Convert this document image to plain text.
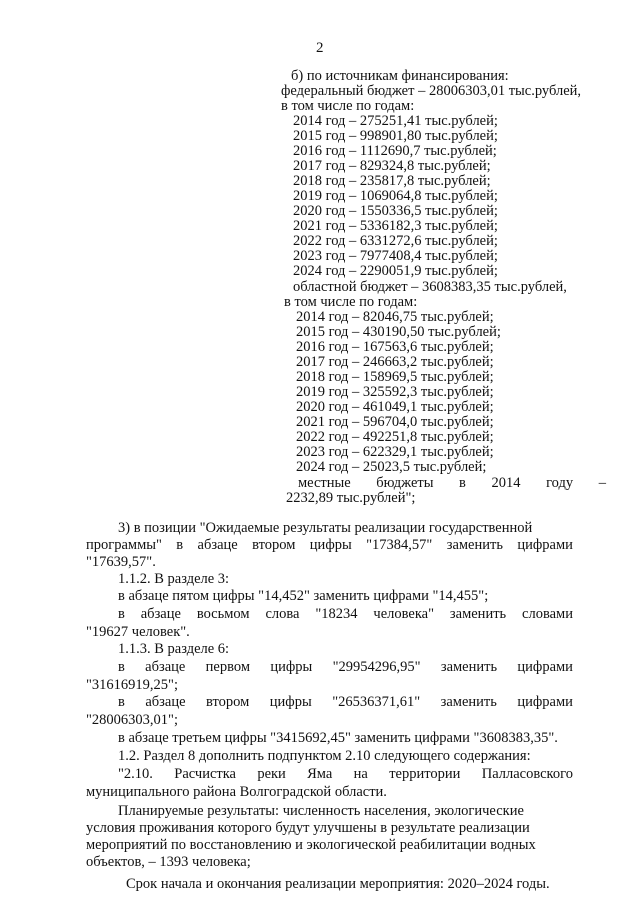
2
б) по источникам финансирования:
федеральный бюджет – 28006303,01 тыс.рублей,
в том числе по годам:
2014 год – 275251,41 тыс.рублей;
2015 год – 998901,80 тыс.рублей;
2016 год – 1112690,7 тыс.рублей;
2017 год – 829324,8 тыс.рублей;
2018 год – 235817,8 тыс.рублей;
2019 год – 1069064,8 тыс.рублей;
2020 год – 1550336,5 тыс.рублей;
2021 год – 5336182,3 тыс.рублей;
2022 год – 6331272,6 тыс.рублей;
2023 год – 7977408,4 тыс.рублей;
2024 год – 2290051,9 тыс.рублей;
областной бюджет – 3608383,35 тыс.рублей,
в том числе по годам:
2014 год – 82046,75 тыс.рублей;
2015 год – 430190,50 тыс.рублей;
2016 год – 167563,6 тыс.рублей;
2017 год – 246663,2 тыс.рублей;
2018 год – 158969,5 тыс.рублей;
2019 год – 325592,3 тыс.рублей;
2020 год – 461049,1 тыс.рублей;
2021 год – 596704,0 тыс.рублей;
2022 год – 492251,8 тыс.рублей;
2023 год – 622329,1 тыс.рублей;
2024 год – 25023,5 тыс.рублей;
местные бюджеты в 2014 году –
2232,89 тыс.рублей";
3) в позиции "Ожидаемые результаты реализации государственной
программы" в абзаце втором цифры "17384,57" заменить цифрами
"17639,57".
1.1.2. В разделе 3:
в абзаце пятом цифры "14,452" заменить цифрами "14,455";
в абзаце восьмом слова "18234 человека" заменить словами
"19627 человек".
1.1.3. В разделе 6:
в абзаце первом цифры "29954296,95" заменить цифрами
"31616919,25";
в абзаце втором цифры "26536371,61" заменить цифрами
"28006303,01";
в абзаце третьем цифры "3415692,45" заменить цифрами "3608383,35".
1.2. Раздел 8 дополнить подпунктом 2.10 следующего содержания:
"2.10. Расчистка реки Яма на территории Палласовского
муниципального района Волгоградской области.
Планируемые результаты: численность населения, экологические
условия проживания которого будут улучшены в результате реализации
мероприятий по восстановлению и экологической реабилитации водных
объектов, – 1393 человека;
Срок начала и окончания реализации мероприятия: 2020–2024 годы.
